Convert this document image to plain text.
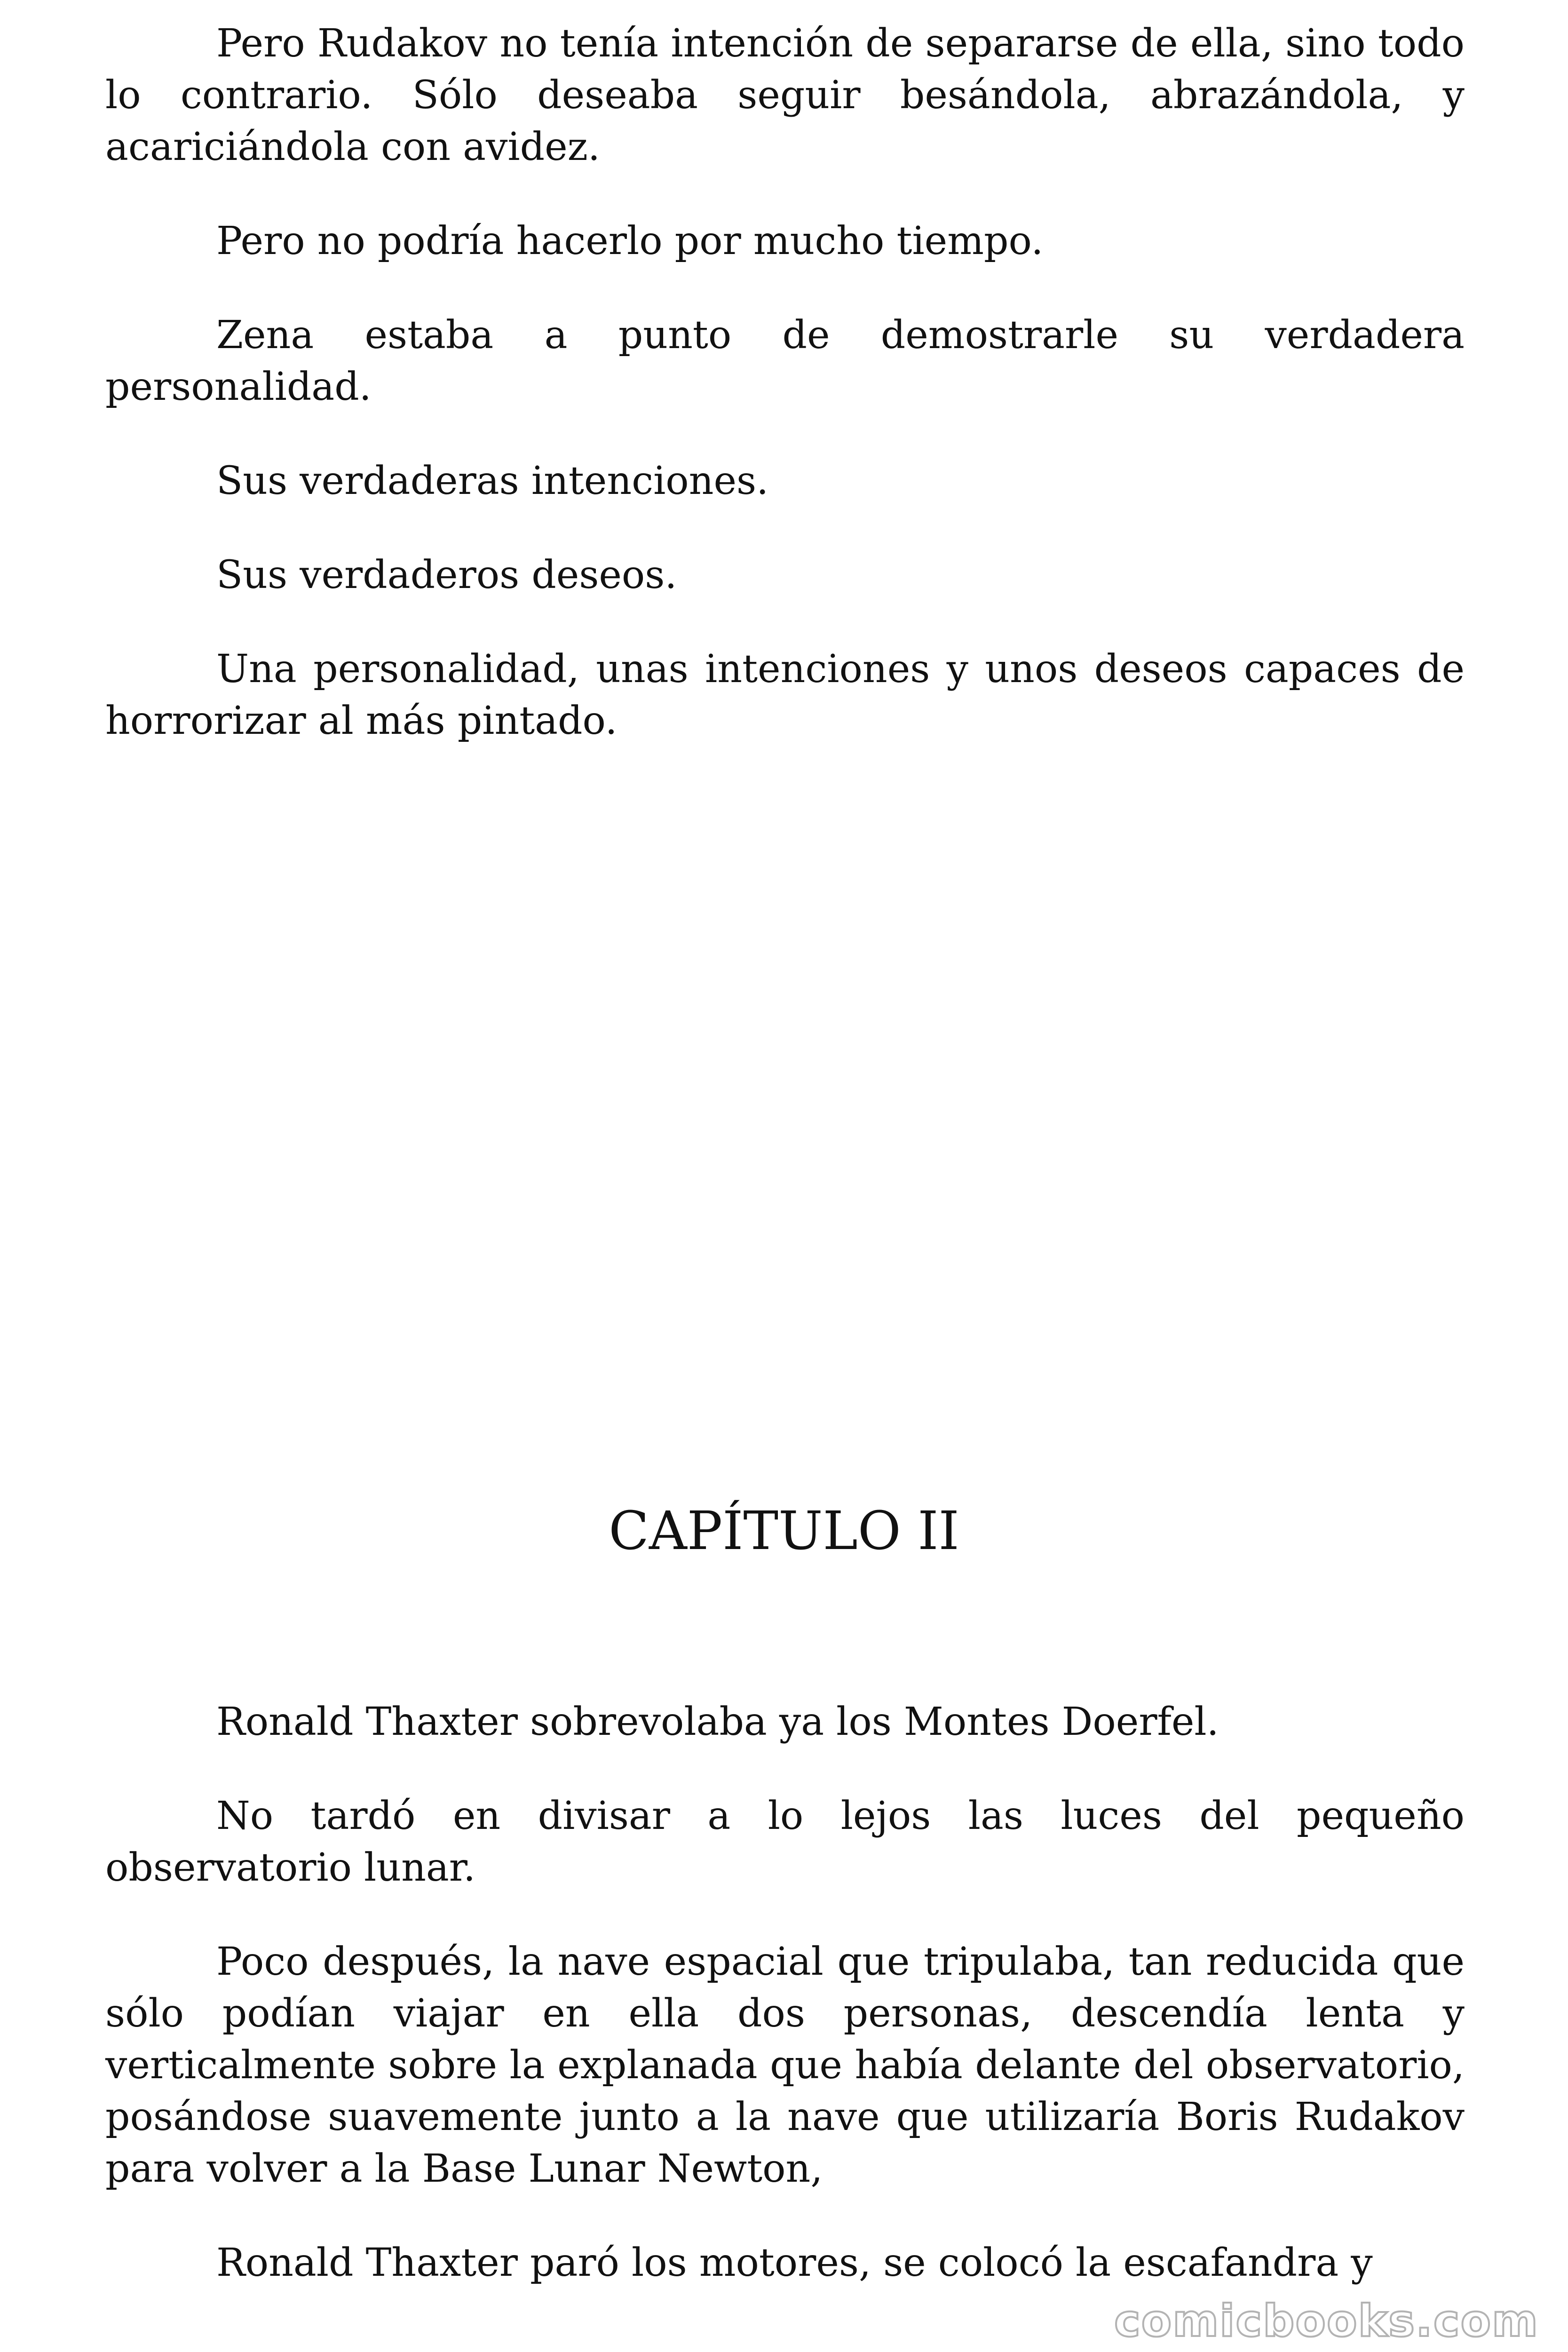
Pero Rudakov no tenía intención de separarse de ella, sino todo lo contrario. Sólo deseaba seguir besándola, abrazándola, y acariciándola con avidez.

Pero no podría hacerlo por mucho tiempo.

Zena estaba a punto de demostrarle su verdadera personalidad.

Sus verdaderas intenciones.

Sus verdaderos deseos.

Una personalidad, unas intenciones y unos deseos capaces de horrorizar al más pintado.

CAPÍTULO II

Ronald Thaxter sobrevolaba ya los Montes Doerfel.

No tardó en divisar a lo lejos las luces del pequeño observatorio lunar.

Poco después, la nave espacial que tripulaba, tan reducida que sólo podían viajar en ella dos personas, descendía lenta y verticalmente sobre la explanada que había delante del observatorio, posándose suavemente junto a la nave que utilizaría Boris Rudakov para volver a la Base Lunar Newton,

Ronald Thaxter paró los motores, se colocó la escafandra y

comicbooks.com
